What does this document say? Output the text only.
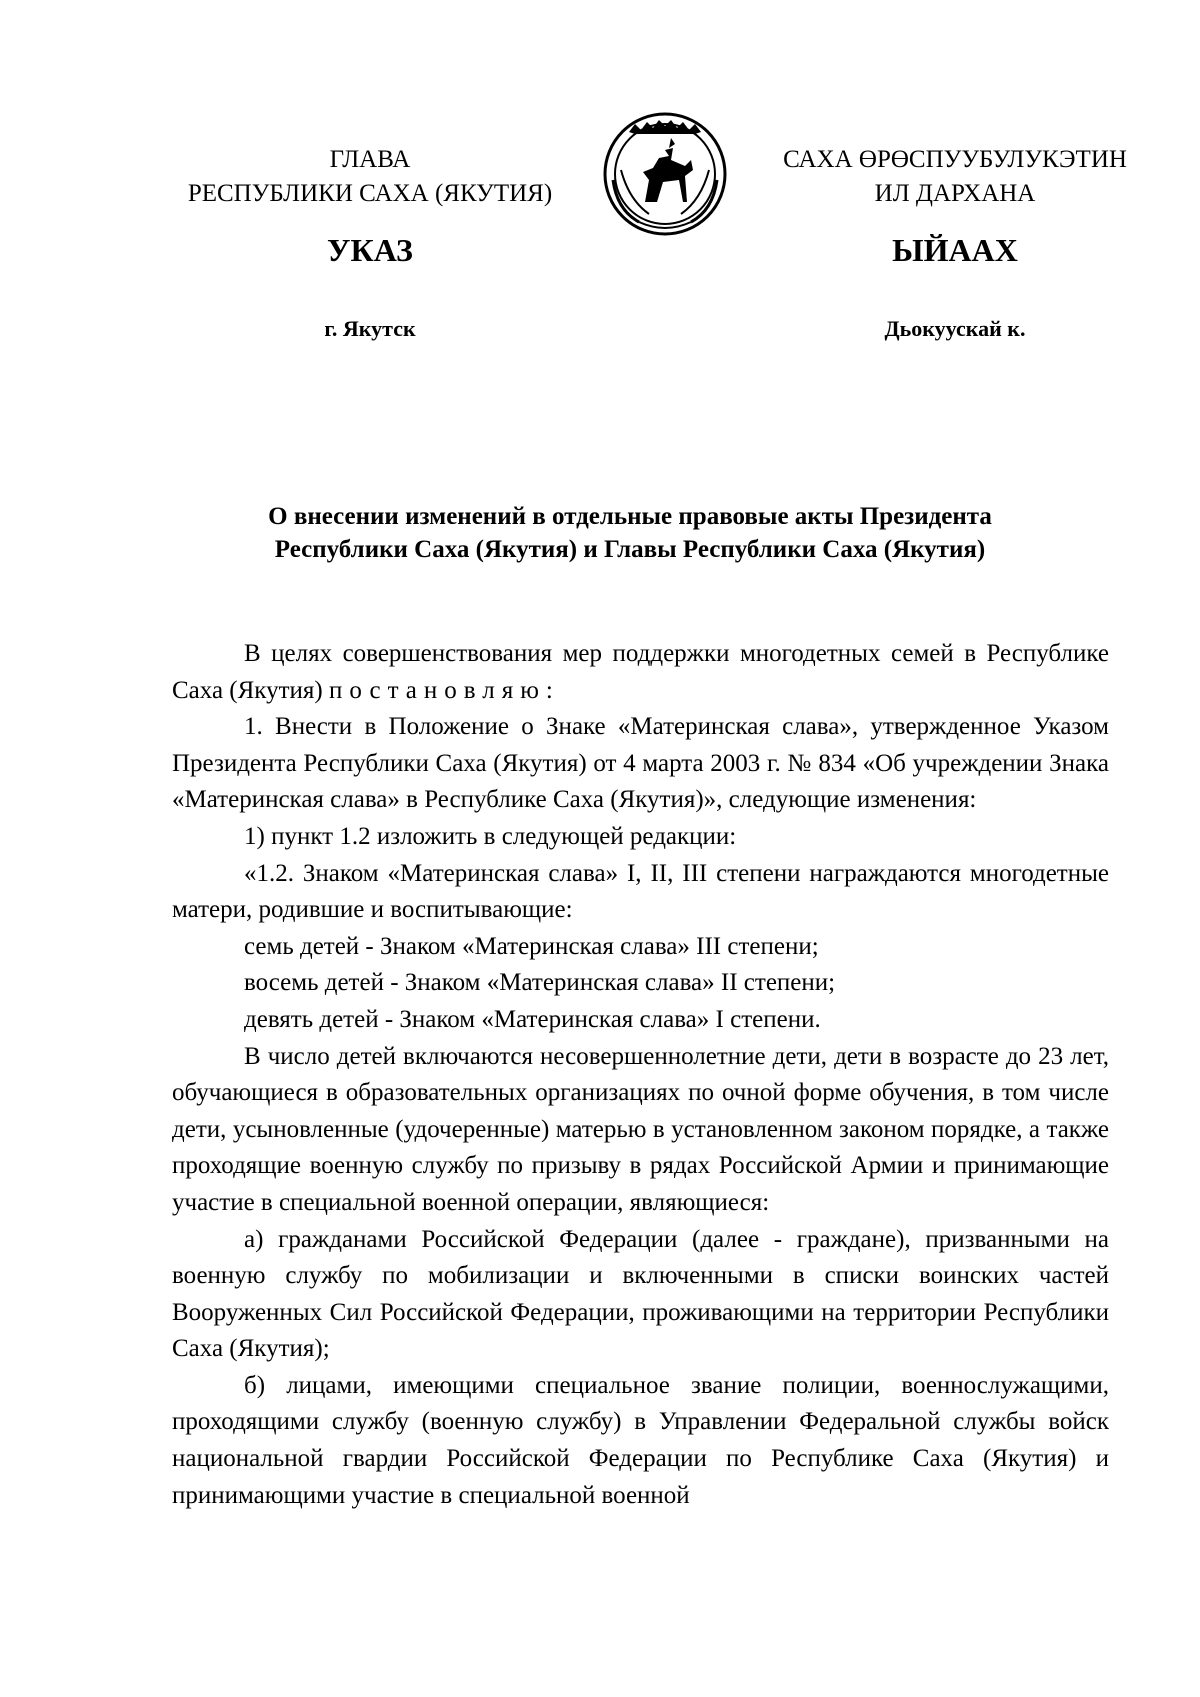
ГЛАВА
РЕСПУБЛИКИ САХА (ЯКУТИЯ)
САХА ӨРӨСПУУБУЛУКЭТИН
ИЛ ДАРХАНА
УКАЗ	ЫЙААХ
г. Якутск	Дьокуускай к.
О внесении изменений в отдельные правовые акты Президента
Республики Саха (Якутия) и Главы Республики Саха (Якутия)

В целях совершенствования мер поддержки многодетных семей в Республике Саха (Якутия) постановляю:

1. Внести в Положение о Знаке «Материнская слава», утвержденное Указом Президента Республики Саха (Якутия) от 4 марта 2003 г. № 834 «Об учреждении Знака «Материнская слава» в Республике Саха (Якутия)», следующие изменения:

1) пункт 1.2 изложить в следующей редакции:

«1.2. Знаком «Материнская слава» I, II, III степени награждаются многодетные матери, родившие и воспитывающие:

семь детей - Знаком «Материнская слава» III степени;

восемь детей - Знаком «Материнская слава» II степени;

девять детей - Знаком «Материнская слава» I степени.

В число детей включаются несовершеннолетние дети, дети в возрасте до 23 лет, обучающиеся в образовательных организациях по очной форме обучения, в том числе дети, усыновленные (удочеренные) матерью в установленном законом порядке, а также проходящие военную службу по призыву в рядах Российской Армии и принимающие участие в специальной военной операции, являющиеся:

а) гражданами Российской Федерации (далее - граждане), призванными на военную службу по мобилизации и включенными в списки воинских частей Вооруженных Сил Российской Федерации, проживающими на территории Республики Саха (Якутия);

б) лицами, имеющими специальное звание полиции, военнослужащими, проходящими службу (военную службу) в Управлении Федеральной службы войск национальной гвардии Российской Федерации по Республике Саха (Якутия) и принимающими участие в специальной военной
